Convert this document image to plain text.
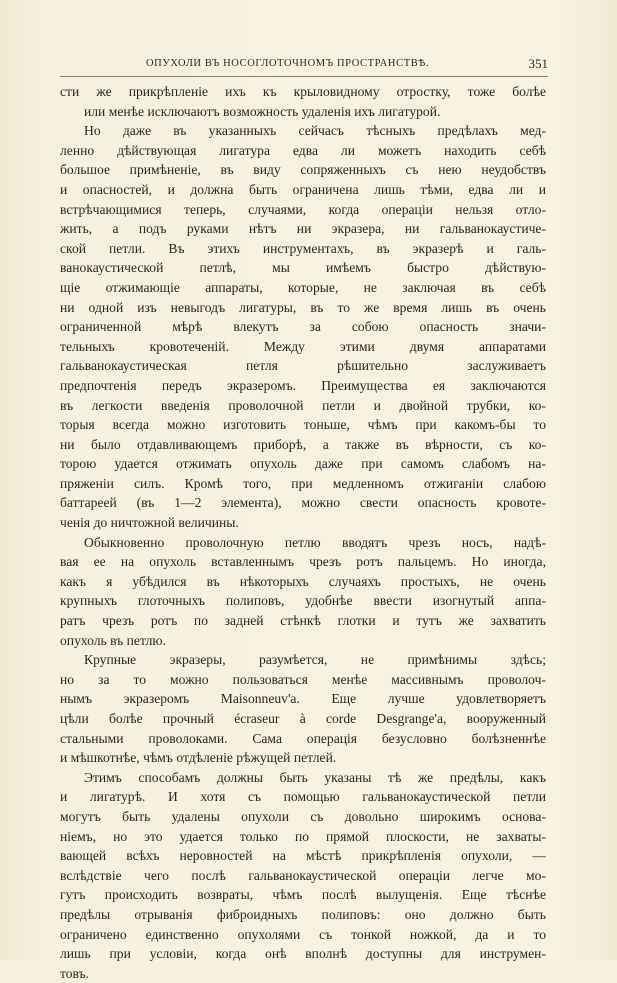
ОПУХОЛИ ВЪ НОСОГЛОТОЧНОМЪ ПРОСТРАНСТВѢ.	351
сти же прикрѣпленіе ихъ къ крыловидному отростку, тоже болѣе
или менѣе исключаютъ возможность удаленія ихъ лигатурой.
Но даже въ указанныхъ сейчасъ тѣсныхъ предѣлахъ мед-
ленно дѣйствующая лигатура едва ли можетъ находить себѣ
большое примѣненіе, въ виду сопряженныхъ съ нею неудобствъ
и опасностей, и должна быть ограничена лишь тѣми, едва ли и
встрѣчающимися теперь, случаями, когда операціи нельзя отло-
жить, а подъ руками нѣтъ ни экразера, ни гальванокаустиче-
ской петли. Въ этихъ инструментахъ, въ экразерѣ и галь-
ванокаустической петлѣ, мы имѣемъ быстро дѣйствую-
щіе отжимающіе аппараты, которые, не заключая въ себѣ
ни одной изъ невыгодъ лигатуры, въ то же время лишь въ очень
ограниченной мѣрѣ влекутъ за собою опасность значи-
тельныхъ кровотеченій. Между этими двумя аппаратами
гальванокаустическая петля рѣшительно заслуживаетъ
предпочтенія передъ экразеромъ. Преимущества ея заключаются
въ легкости введенія проволочной петли и двойной трубки, ко-
торыя всегда можно изготовить тоньше, чѣмъ при какомъ-бы то
ни было отдавливающемъ приборѣ, а также въ вѣрности, съ ко-
торою удается отжимать опухоль даже при самомъ слабомъ на-
пряженіи силъ. Кромѣ того, при медленномъ отжиганіи слабою
баттареей (въ 1—2 элемента), можно свести опасность кровоте-
ченія до ничтожной величины.
Обыкновенно проволочную петлю вводятъ чрезъ носъ, надѣ-
вая ее на опухоль вставленнымъ чрезъ ротъ пальцемъ. Но иногда,
какъ я убѣдился въ нѣкоторыхъ случаяхъ простыхъ, не очень
крупныхъ глоточныхъ полиповъ, удобнѣе ввести изогнутый аппа-
ратъ чрезъ ротъ по задней стѣнкѣ глотки и тутъ же захватить
опухоль въ петлю.
Крупные экразеры, разумѣется, не примѣнимы здѣсь;
но за то можно пользоваться менѣе массивнымъ проволоч-
нымъ экразеромъ Maisonneuv'a. Еще лучше удовлетворяетъ
цѣли болѣе прочный écraseur à corde Desgrange'a, вооруженный
стальными проволоками. Сама операція безусловно болѣзненнѣе
и мѣшкотнѣе, чѣмъ отдѣленіе рѣжущей петлей.
Этимъ способамъ должны быть указаны тѣ же предѣлы, какъ
и лигатурѣ. И хотя съ помощью гальванокаустической петли
могутъ быть удалены опухоли съ довольно широкимъ основа-
ніемъ, но это удается только по прямой плоскости, не захваты-
вающей всѣхъ неровностей на мѣстѣ прикрѣпленія опухоли, —
вслѣдствіе чего послѣ гальванокаустической операціи легче мо-
гутъ происходить возвраты, чѣмъ послѣ вылущенія. Еще тѣснѣе
предѣлы отрыванія фиброидныхъ полиповъ: оно должно быть
ограничено единственно опухолями съ тонкой ножкой, да и то
лишь при условіи, когда онѣ вполнѣ доступны для инструмен-
товъ.
